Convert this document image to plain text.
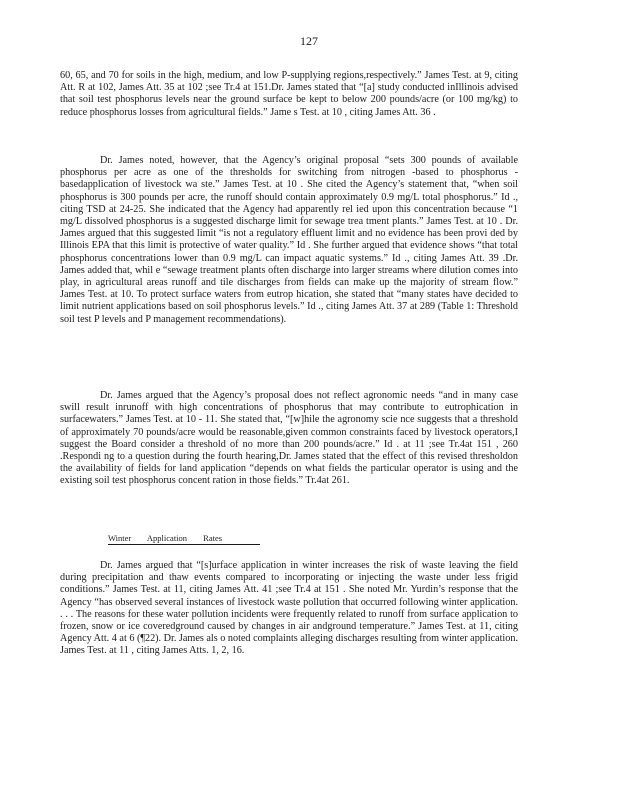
127

60, 65, and 70 for soils in the high, medium, and low P-supplying regions,respectively.” James Test. at 9, citing Att. R at 102, James Att. 35 at 102 ;see Tr.4 at 151.Dr. James stated that “[a] study conducted inIllinois advised that soil test phosphorus levels near the ground surface be kept to below 200 pounds/acre (or 100 mg/kg) to reduce phosphorus losses from agricultural fields.” Jame s Test. at 10 , citing James Att. 36 .

Dr. James noted, however, that the Agency’s original proposal “sets 300 pounds of available phosphorus per acre as one of the thresholds for switching from nitrogen -based to phosphorus -basedapplication of livestock wa ste.” James Test. at 10 . She cited the Agency’s statement that, “when soil phosphorus is 300 pounds per acre, the runoff should contain approximately 0.9 mg/L total phosphorus.” Id ., citing TSD at 24-25. She indicated that the Agency had apparently rel ied upon this concentration because “1 mg/L dissolved phosphorus is a suggested discharge limit for sewage trea tment plants.” James Test. at 10 . Dr. James argued that this suggested limit “is not a regulatory effluent limit and no evidence has been provi ded by Illinois EPA that this limit is protective of water quality.” Id . She further argued that evidence shows “that total phosphorus concentrations lower than 0.9 mg/L can impact aquatic systems.” Id ., citing James Att. 39 .Dr. James added that, whil e “sewage treatment plants often discharge into larger streams where dilution comes into play, in agricultural areas runoff and tile discharges from fields can make up the majority of stream flow.” James Test. at 10. To protect surface waters from eutrop hication, she stated that “many states have decided to limit nutrient applications based on soil phosphorus levels.” Id ., citing James Att. 37 at 289 (Table 1: Threshold soil test P levels and P management recommendations).

Dr. James argued that the Agency’s proposal does not reflect agronomic needs “and in many case swill result inrunoff with high concentrations of phosphorus that may contribute to eutrophication in surfacewaters.” James Test. at 10 - 11. She stated that, “[w]hile the agronomy scie nce suggests that a threshold of approximately 70 pounds/acre would be reasonable,given common constraints faced by livestock operators,I suggest the Board consider a threshold of no more than 200 pounds/acre.” Id . at 11 ;see Tr.4at 151 , 260 .Respondi ng to a question during the fourth hearing,Dr. James stated that the effect of this revised thresholdon the availability of fields for land application “depends on what fields the particular operator is using and the existing soil test phosphorus concent ration in those fields.” Tr.4at 261.

Winter Application Rates

Dr. James argued that “[s]urface application in winter increases the risk of waste leaving the field during precipitation and thaw events compared to incorporating or injecting the waste under less frigid conditions.” James Test. at 11, citing James Att. 41 ;see Tr.4 at 151 . She noted Mr. Yurdin’s response that the Agency “has observed several instances of livestock waste pollution that occurred following winter application. . . . The reasons for these water pollution incidents were frequently related to runoff from surface application to frozen, snow or ice coveredground caused by changes in air andground temperature.” James Test. at 11, citing Agency Att. 4 at 6 (¶22). Dr. James als o noted complaints alleging discharges resulting from winter application. James Test. at 11 , citing James Atts. 1, 2, 16.
